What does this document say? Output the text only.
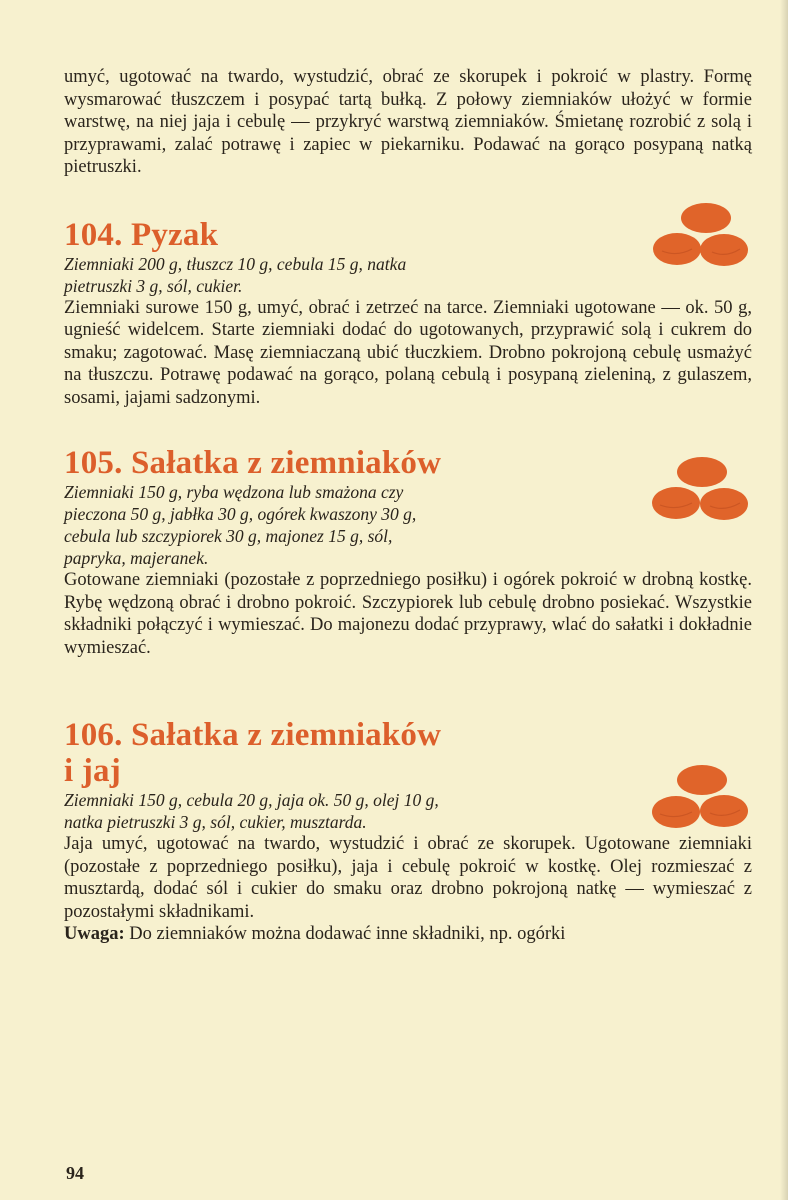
umyć, ugotować na twardo, wystudzić, obrać ze skorupek i pokroić w plastry. Formę wysmarować tłuszczem i posypać tartą bułką. Z połowy ziemniaków ułożyć w formie warstwę, na niej jaja i cebulę — przykryć warstwą ziemniaków. Śmietanę rozrobić z solą i przyprawami, zalać potrawę i zapiec w piekarniku. Podawać na gorąco posypaną natką pietruszki.

104. Pyzak

Ziemniaki 200 g, tłuszcz 10 g, cebula 15 g, natka pietruszki 3 g, sól, cukier.

Ziemniaki surowe 150 g, umyć, obrać i zetrzeć na tarce. Ziemniaki ugotowane — ok. 50 g, ugnieść widelcem. Starte ziemniaki dodać do ugotowanych, przyprawić solą i cukrem do smaku; zagotować. Masę ziemniaczaną ubić tłuczkiem. Drobno pokrojoną cebulę usmażyć na tłuszczu. Potrawę podawać na gorąco, polaną cebulą i posypaną zieleniną, z gulaszem, sosami, jajami sadzonymi.

105. Sałatka z ziemniaków

Ziemniaki 150 g, ryba wędzona lub smażona czy pieczona 50 g, jabłka 30 g, ogórek kwaszony 30 g, cebula lub szczypiorek 30 g, majonez 15 g, sól, papryka, majeranek.

Gotowane ziemniaki (pozostałe z poprzedniego posiłku) i ogórek pokroić w drobną kostkę. Rybę wędzoną obrać i drobno pokroić. Szczypiorek lub cebulę drobno posiekać. Wszystkie składniki połączyć i wymieszać. Do majonezu dodać przyprawy, wlać do sałatki i dokładnie wymieszać.

106. Sałatka z ziemniaków
i jaj

Ziemniaki 150 g, cebula 20 g, jaja ok. 50 g, olej 10 g, natka pietruszki 3 g, sól, cukier, musztarda.

Jaja umyć, ugotować na twardo, wystudzić i obrać ze skorupek. Ugotowane ziemniaki (pozostałe z poprzedniego posiłku), jaja i cebulę pokroić w kostkę. Olej rozmieszać z musztardą, dodać sól i cukier do smaku oraz drobno pokrojoną natkę — wymieszać z pozostałymi składnikami.

Uwaga: Do ziemniaków można dodawać inne składniki, np. ogórki

94
